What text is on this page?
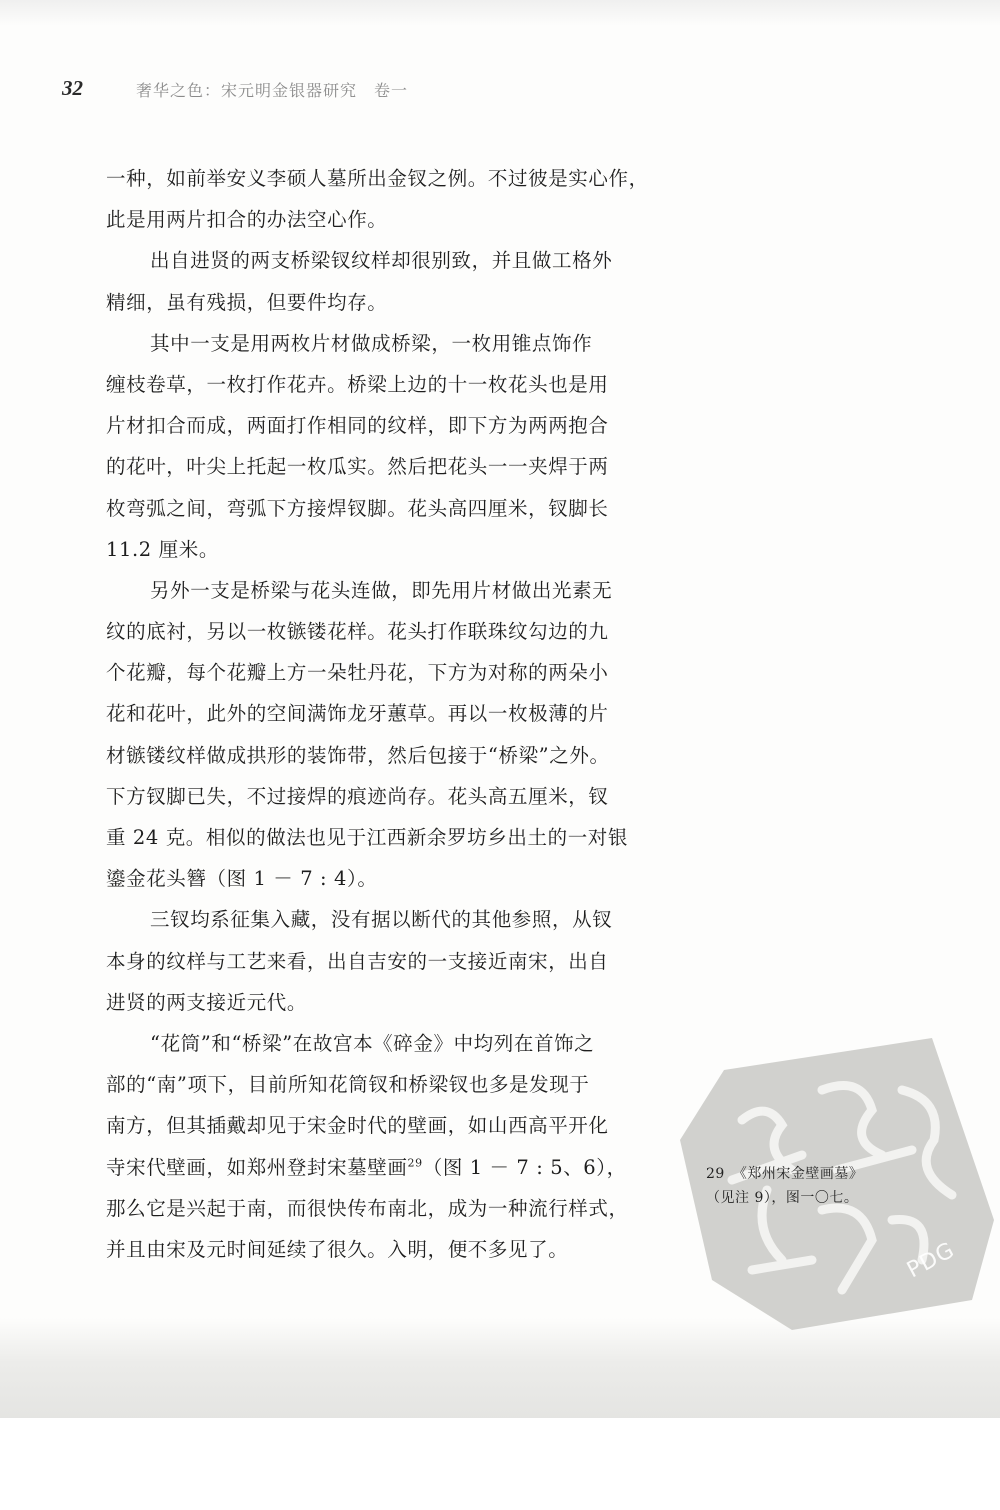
32	奢华之色：宋元明金银器研究　卷一
一种，如前举安义李硕人墓所出金钗之例。不过彼是实心作，
此是用两片扣合的办法空心作。
出自进贤的两支桥梁钗纹样却很别致，并且做工格外
精细，虽有残损，但要件均存。
其中一支是用两枚片材做成桥梁，一枚用锥点饰作
缠枝卷草，一枚打作花卉。桥梁上边的十一枚花头也是用
片材扣合而成，两面打作相同的纹样，即下方为两两抱合
的花叶，叶尖上托起一枚瓜实。然后把花头一一夹焊于两
枚弯弧之间，弯弧下方接焊钗脚。花头高四厘米，钗脚长
11.2 厘米。
另外一支是桥梁与花头连做，即先用片材做出光素无
纹的底衬，另以一枚镞镂花样。花头打作联珠纹勾边的九
个花瓣，每个花瓣上方一朵牡丹花，下方为对称的两朵小
花和花叶，此外的空间满饰龙牙蕙草。再以一枚极薄的片
材镞镂纹样做成拱形的装饰带，然后包接于“桥梁”之外。
下方钗脚已失，不过接焊的痕迹尚存。花头高五厘米，钗
重 24 克。相似的做法也见于江西新余罗坊乡出土的一对银
鎏金花头簪（图 1 － 7 : 4）。
三钗均系征集入藏，没有据以断代的其他参照，从钗
本身的纹样与工艺来看，出自吉安的一支接近南宋，出自
进贤的两支接近元代。
“花筒”和“桥梁”在故宫本《碎金》中均列在首饰之
部的“南”项下，目前所知花筒钗和桥梁钗也多是发现于
南方，但其插戴却见于宋金时代的壁画，如山西高平开化
寺宋代壁画，如郑州登封宋墓壁画$^{29}$（图 1 － 7 : 5、6），
那么它是兴起于南，而很快传布南北，成为一种流行样式，
并且由宋及元时间延续了很久。入明，便不多见了。	PDG
29 《郑州宋金壁画墓》
（见注 9），图一〇七。
